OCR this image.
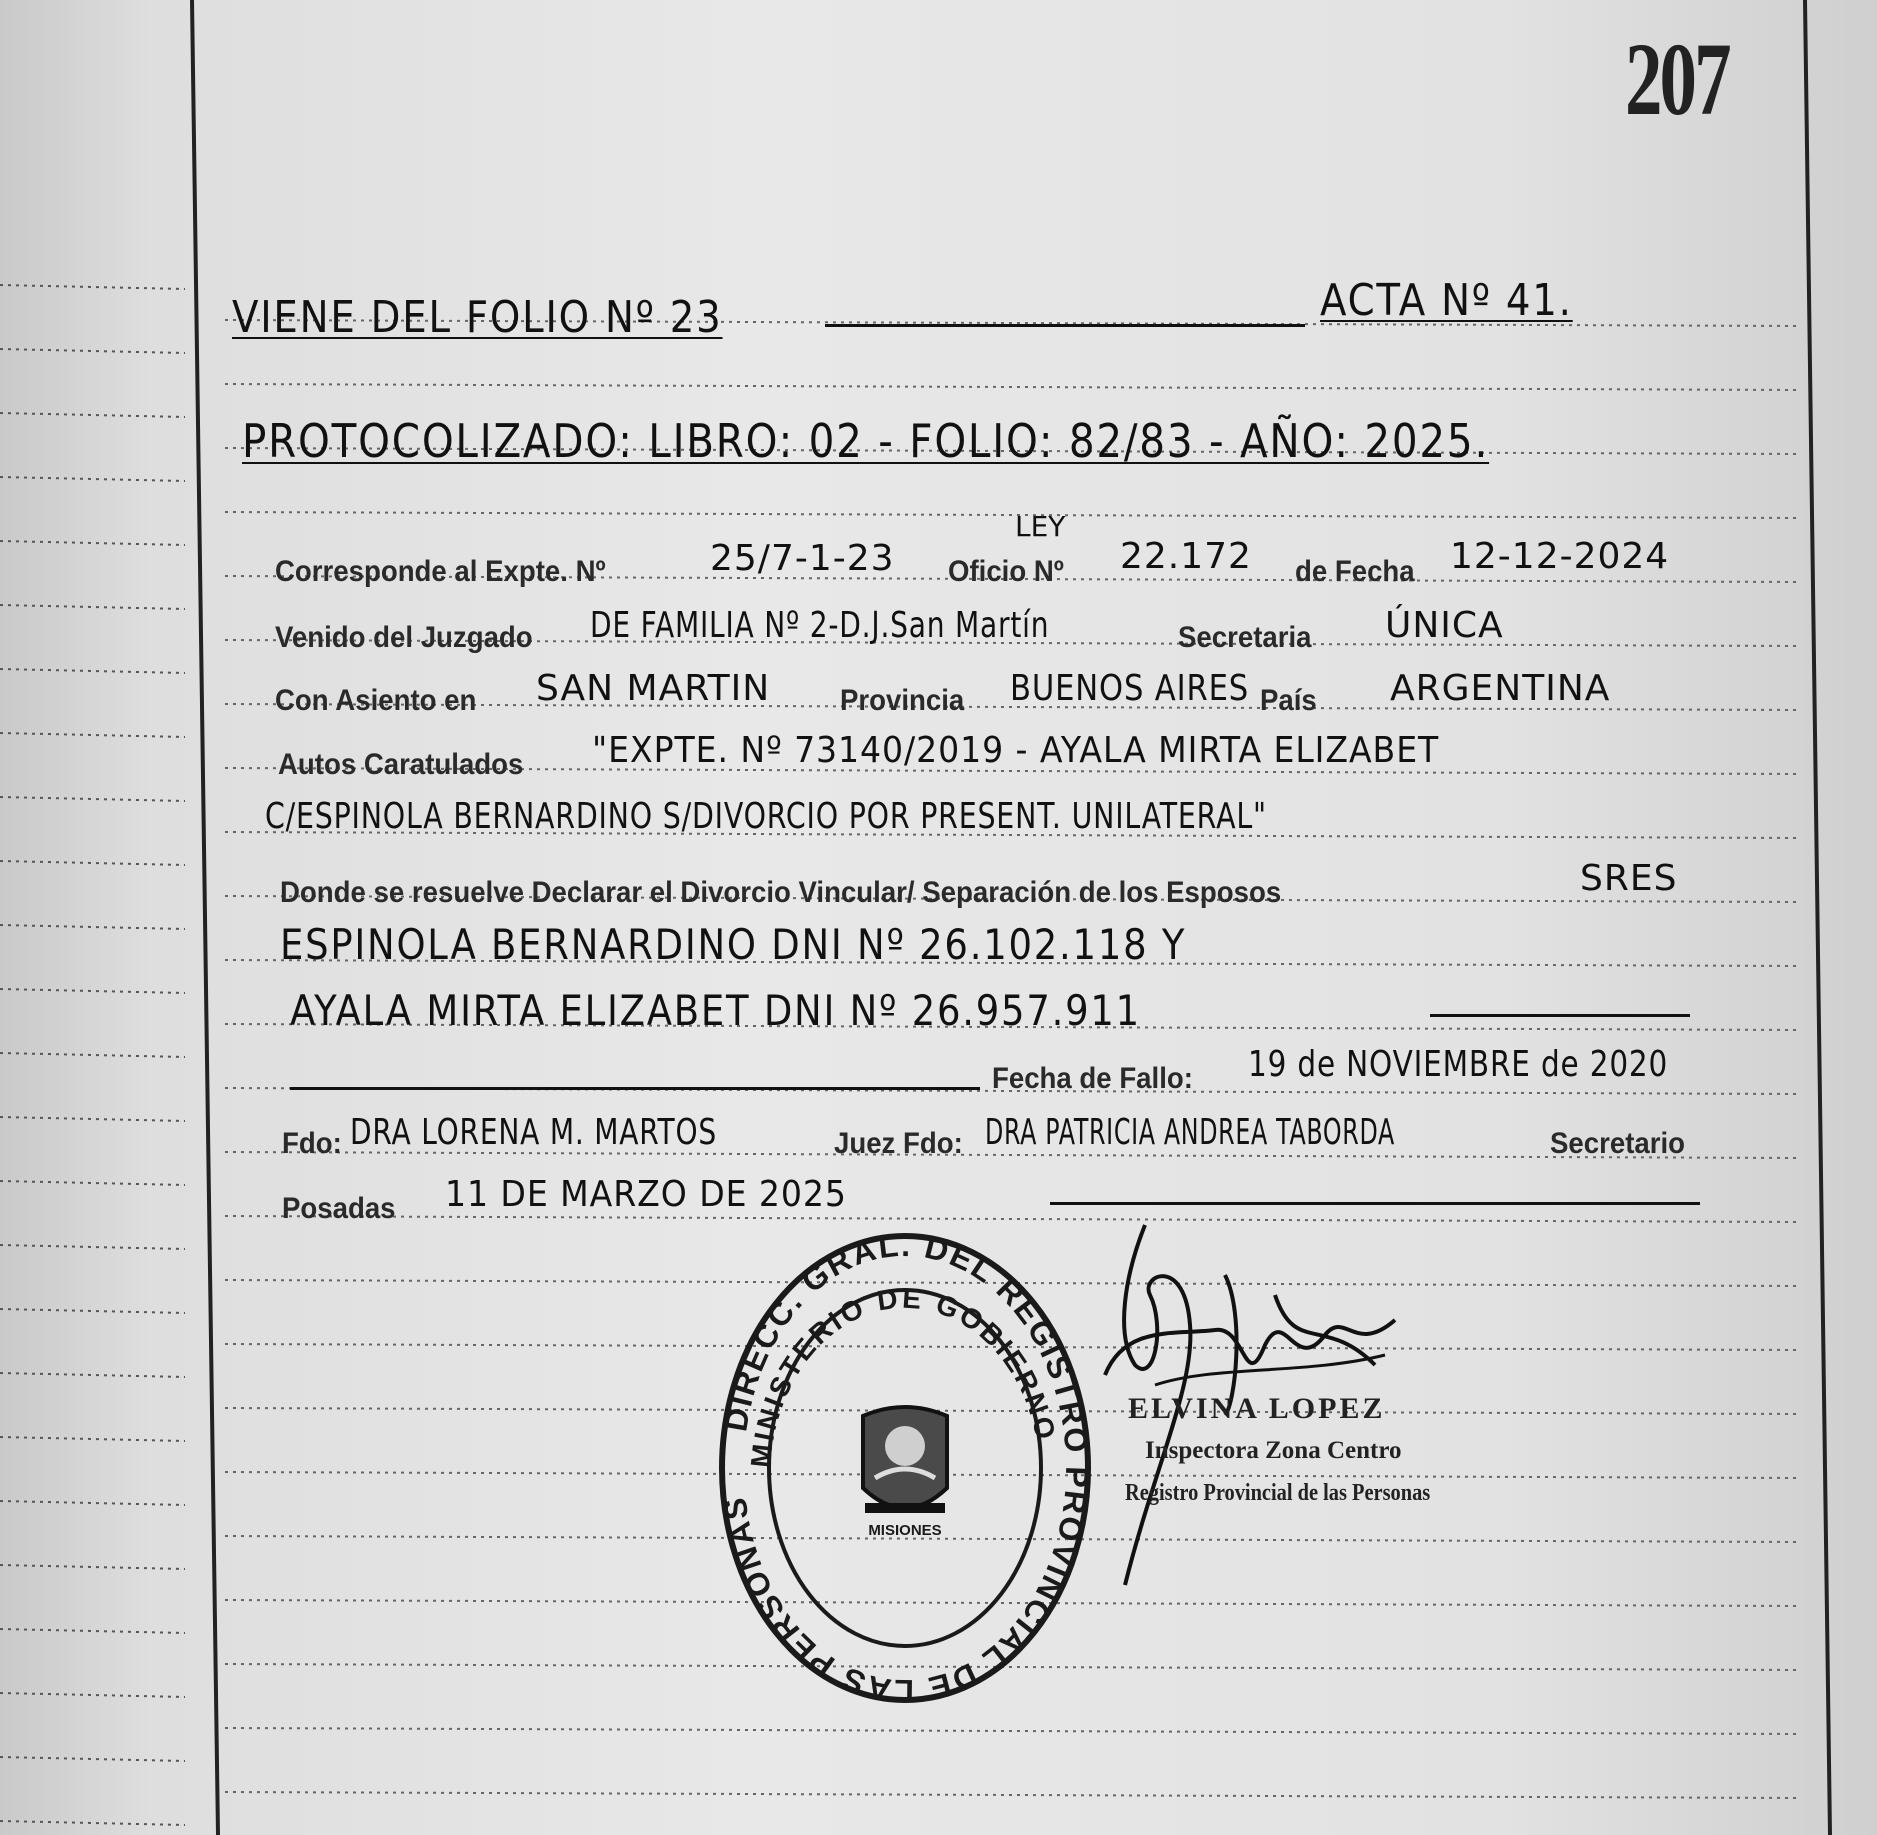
207
VIENE DEL FOLIO Nº 23	ACTA Nº 41.
PROTOCOLIZADO: LIBRO: 02 - FOLIO: 82/83 - AÑO: 2025.
LEY
Corresponde al Expte. Nº	25/7-1-23 Oficio Nº 22.172 de Fecha 12-12-2024
Venido del Juzgado DE FAMILIA Nº 2-D.J.San Martín	Secretaria ÚNICA
Con Asiento en SAN MARTIN Provincia BUENOS AIRES País ARGENTINA
Autos Caratulados "EXPTE. Nº 73140/2019 - AYALA MIRTA ELIZABET
C/ESPINOLA BERNARDINO S/DIVORCIO POR PRESENT. UNILATERAL"
Donde se resuelve Declarar el Divorcio Vincular/ Separación de los Esposos	SRES
ESPINOLA BERNARDINO DNI Nº 26.102.118 Y
AYALA MIRTA ELIZABET DNI Nº 26.957.911
Fecha de Fallo: 19 de NOVIEMBRE de 2020
Fdo: DRA LORENA M. MARTOS	Juez Fdo: DRA PATRICIA ANDREA TABORDA	Secretario
Posadas 11 DE MARZO DE 2025
DIRECC. GRAL. DEL REGISTRO PROVINCIAL DE LAS PERSONAS
MINISTERIO DE GOBIERNO
MISIONES
ELVINA LOPEZ
Inspectora Zona Centro
Registro Provincial de las Personas
